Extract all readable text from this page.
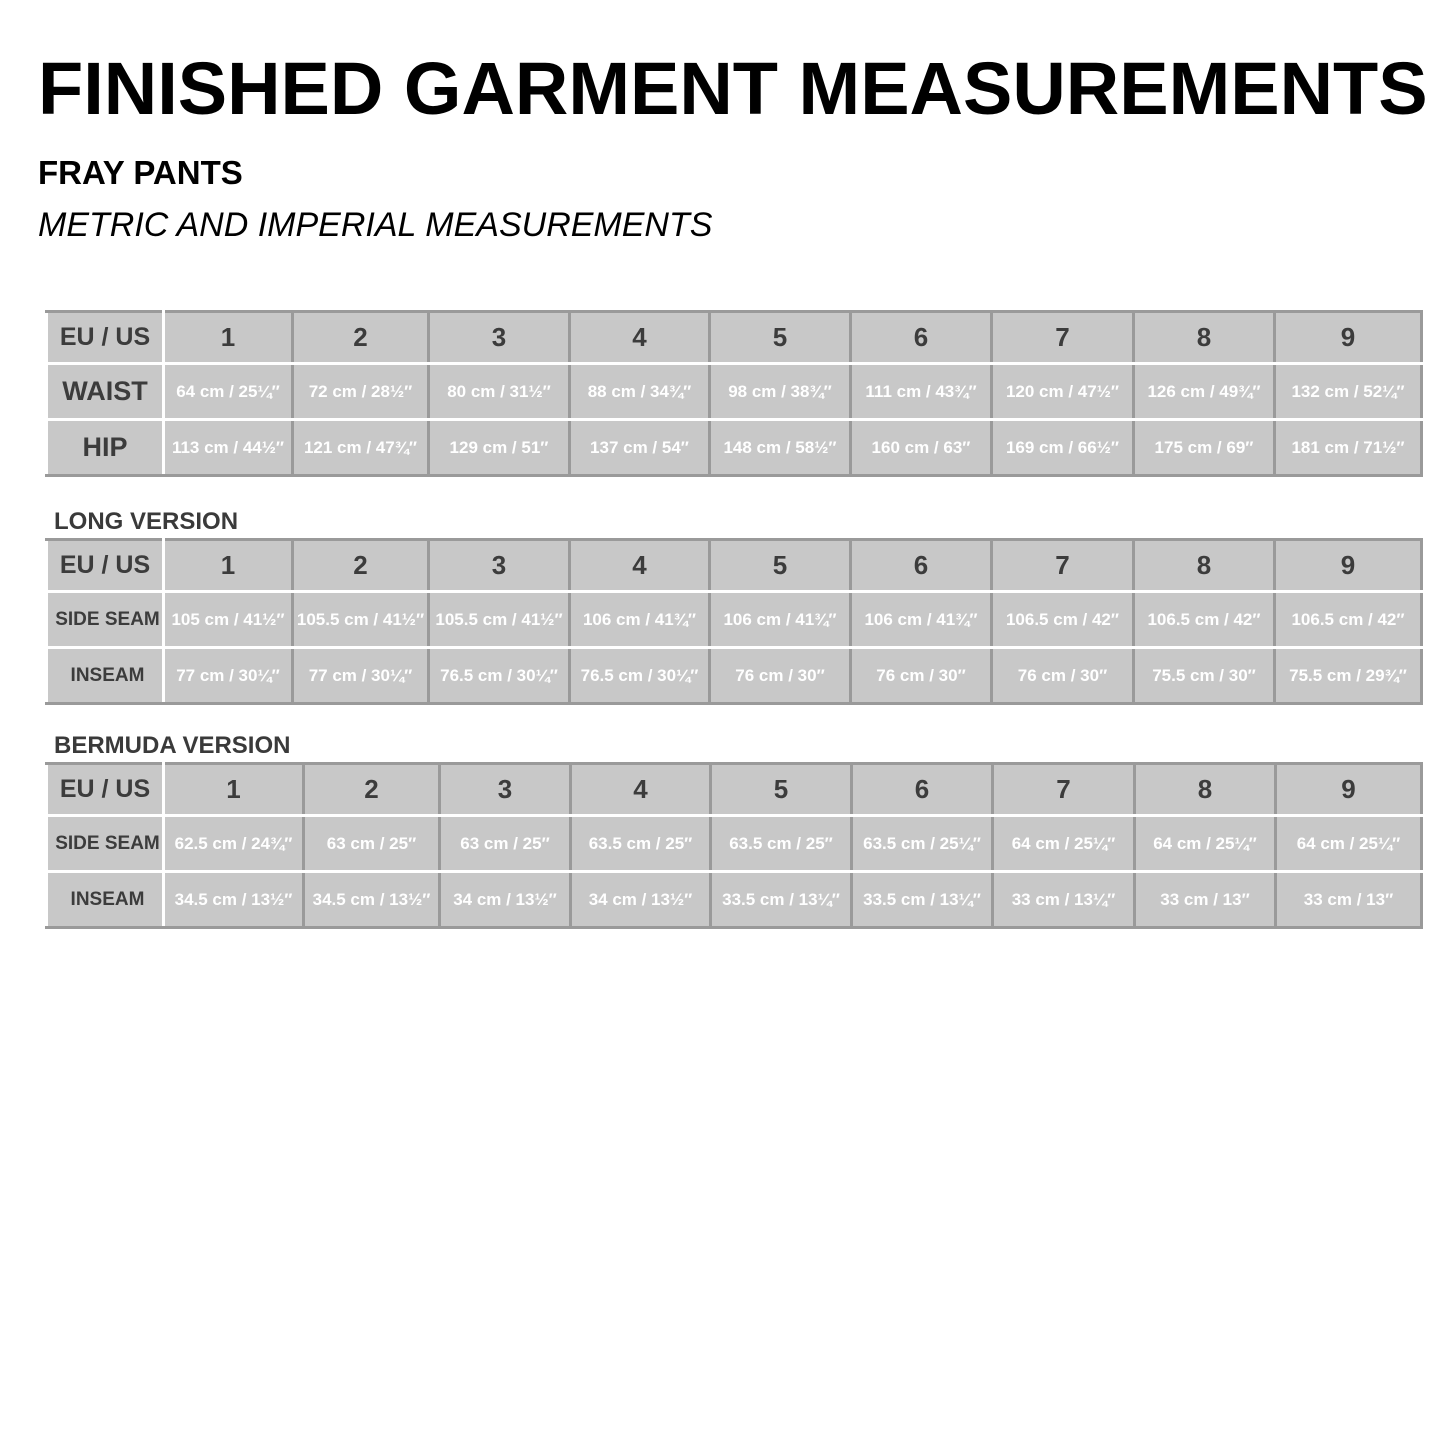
FINISHED GARMENT MEASUREMENTS
FRAY PANTS

METRIC AND IMPERIAL MEASUREMENTS

EU / US	1	2	3	4	5	6	7	8	9
WAIST	64 cm / 25¼″	72 cm / 28½″	80 cm / 31½″	88 cm / 34¾″	98 cm / 38¾″	111 cm / 43¾″	120 cm / 47½″	126 cm / 49¾″	132 cm / 52¼″
HIP	113 cm / 44½″	121 cm / 47¾″	129 cm / 51″	137 cm / 54″	148 cm / 58½″	160 cm / 63″	169 cm / 66½″	175 cm / 69″	181 cm / 71½″
LONG VERSION
EU / US	1	2	3	4	5	6	7	8	9
SIDE SEAM	105 cm / 41½″	105.5 cm / 41½″	105.5 cm / 41½″	106 cm / 41¾″	106 cm / 41¾″	106 cm / 41¾″	106.5 cm / 42″	106.5 cm / 42″	106.5 cm / 42″
INSEAM	77 cm / 30¼″	77 cm / 30¼″	76.5 cm / 30¼″	76.5 cm / 30¼″	76 cm / 30″	76 cm / 30″	76 cm / 30″	75.5 cm / 30″	75.5 cm / 29¾″
BERMUDA VERSION
EU / US	1	2	3	4	5	6	7	8	9
SIDE SEAM	62.5 cm / 24¾″	63 cm / 25″	63 cm / 25″	63.5 cm / 25″	63.5 cm / 25″	63.5 cm / 25¼″	64 cm / 25¼″	64 cm / 25¼″	64 cm / 25¼″
INSEAM	34.5 cm / 13½″	34.5 cm / 13½″	34 cm / 13½″	34 cm / 13½″	33.5 cm / 13¼″	33.5 cm / 13¼″	33 cm / 13¼″	33 cm / 13″	33 cm / 13″
